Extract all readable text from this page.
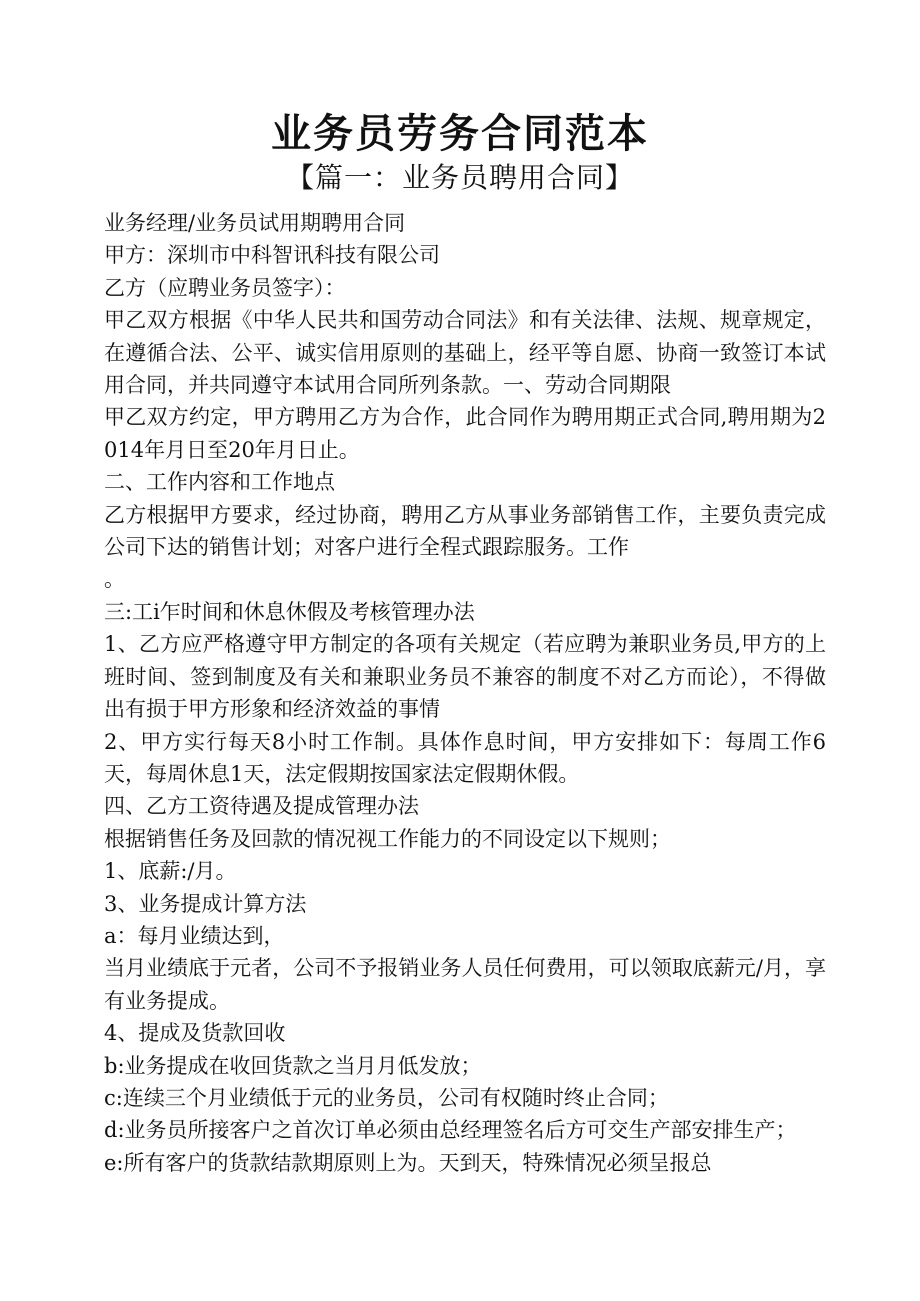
业务员劳务合同范本
【篇一：业务员聘用合同】

业务经理/业务员试用期聘用合同

甲方：深圳市中科智讯科技有限公司

乙方（应聘业务员签字）：

甲乙双方根据《中华人民共和国劳动合同法》和有关法律、法规、规章规定，在遵循合法、公平、诚实信用原则的基础上，经平等自愿、协商一致签订本试用合同，并共同遵守本试用合同所列条款。一、劳动合同期限

甲乙双方约定，甲方聘用乙方为合作，此合同作为聘用期正式合同,聘用期为2014年月日至20年月日止。

二、工作内容和工作地点

乙方根据甲方要求，经过协商，聘用乙方从事业务部销售工作，主要负责完成公司下达的销售计划；对客户进行全程式跟踪服务。工作

。

三:工i乍时间和休息休假及考核管理办法

1、乙方应严格遵守甲方制定的各项有关规定（若应聘为兼职业务员,甲方的上班时间、签到制度及有关和兼职业务员不兼容的制度不对乙方而论），不得做出有损于甲方形象和经济效益的事情

2、甲方实行每天8小时工作制。具体作息时间，甲方安排如下：每周工作6天，每周休息1天，法定假期按国家法定假期休假。

四、乙方工资待遇及提成管理办法

根据销售任务及回款的情况视工作能力的不同设定以下规则；

1、底薪:/月。

3、业务提成计算方法

a：每月业绩达到，

当月业绩底于元者，公司不予报销业务人员任何费用，可以领取底薪元/月，享有业务提成。

4、提成及货款回收

b:业务提成在收回货款之当月月低发放；

c:连续三个月业绩低于元的业务员，公司有权随时终止合同；

d:业务员所接客户之首次订单必须由总经理签名后方可交生产部安排生产；

e:所有客户的货款结款期原则上为。天到天，特殊情况必须呈报总
